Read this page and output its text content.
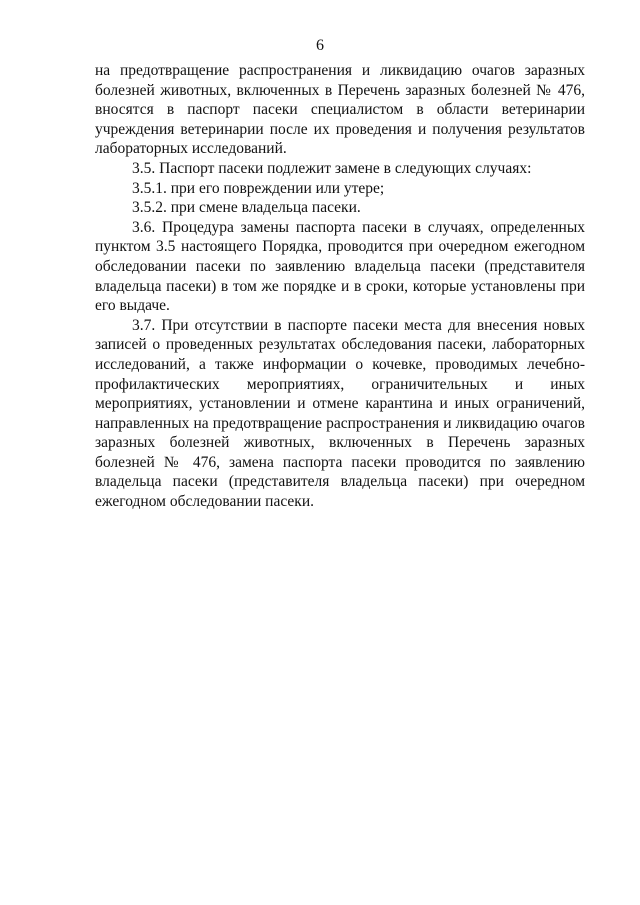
6

на предотвращение распространения и ликвидацию очагов заразных болезней животных, включенных в Перечень заразных болезней № 476, вносятся в паспорт пасеки специалистом в области ветеринарии учреждения ветеринарии после их проведения и получения результатов лабораторных исследований.

3.5. Паспорт пасеки подлежит замене в следующих случаях:

3.5.1. при его повреждении или утере;

3.5.2. при смене владельца пасеки.

3.6. Процедура замены паспорта пасеки в случаях, определенных пунктом 3.5 настоящего Порядка, проводится при очередном ежегодном обследовании пасеки по заявлению владельца пасеки (представителя владельца пасеки) в том же порядке и в сроки, которые установлены при его выдаче.

3.7. При отсутствии в паспорте пасеки места для внесения новых записей о проведенных результатах обследования пасеки, лабораторных исследований, а также информации о кочевке, проводимых лечебно-профилактических мероприятиях, ограничительных и иных мероприятиях, установлении и отмене карантина и иных ограничений, направленных на предотвращение распространения и ликвидацию очагов заразных болезней животных, включенных в Перечень заразных болезней № 476, замена паспорта пасеки проводится по заявлению владельца пасеки (представителя владельца пасеки) при очередном ежегодном обследовании пасеки.
